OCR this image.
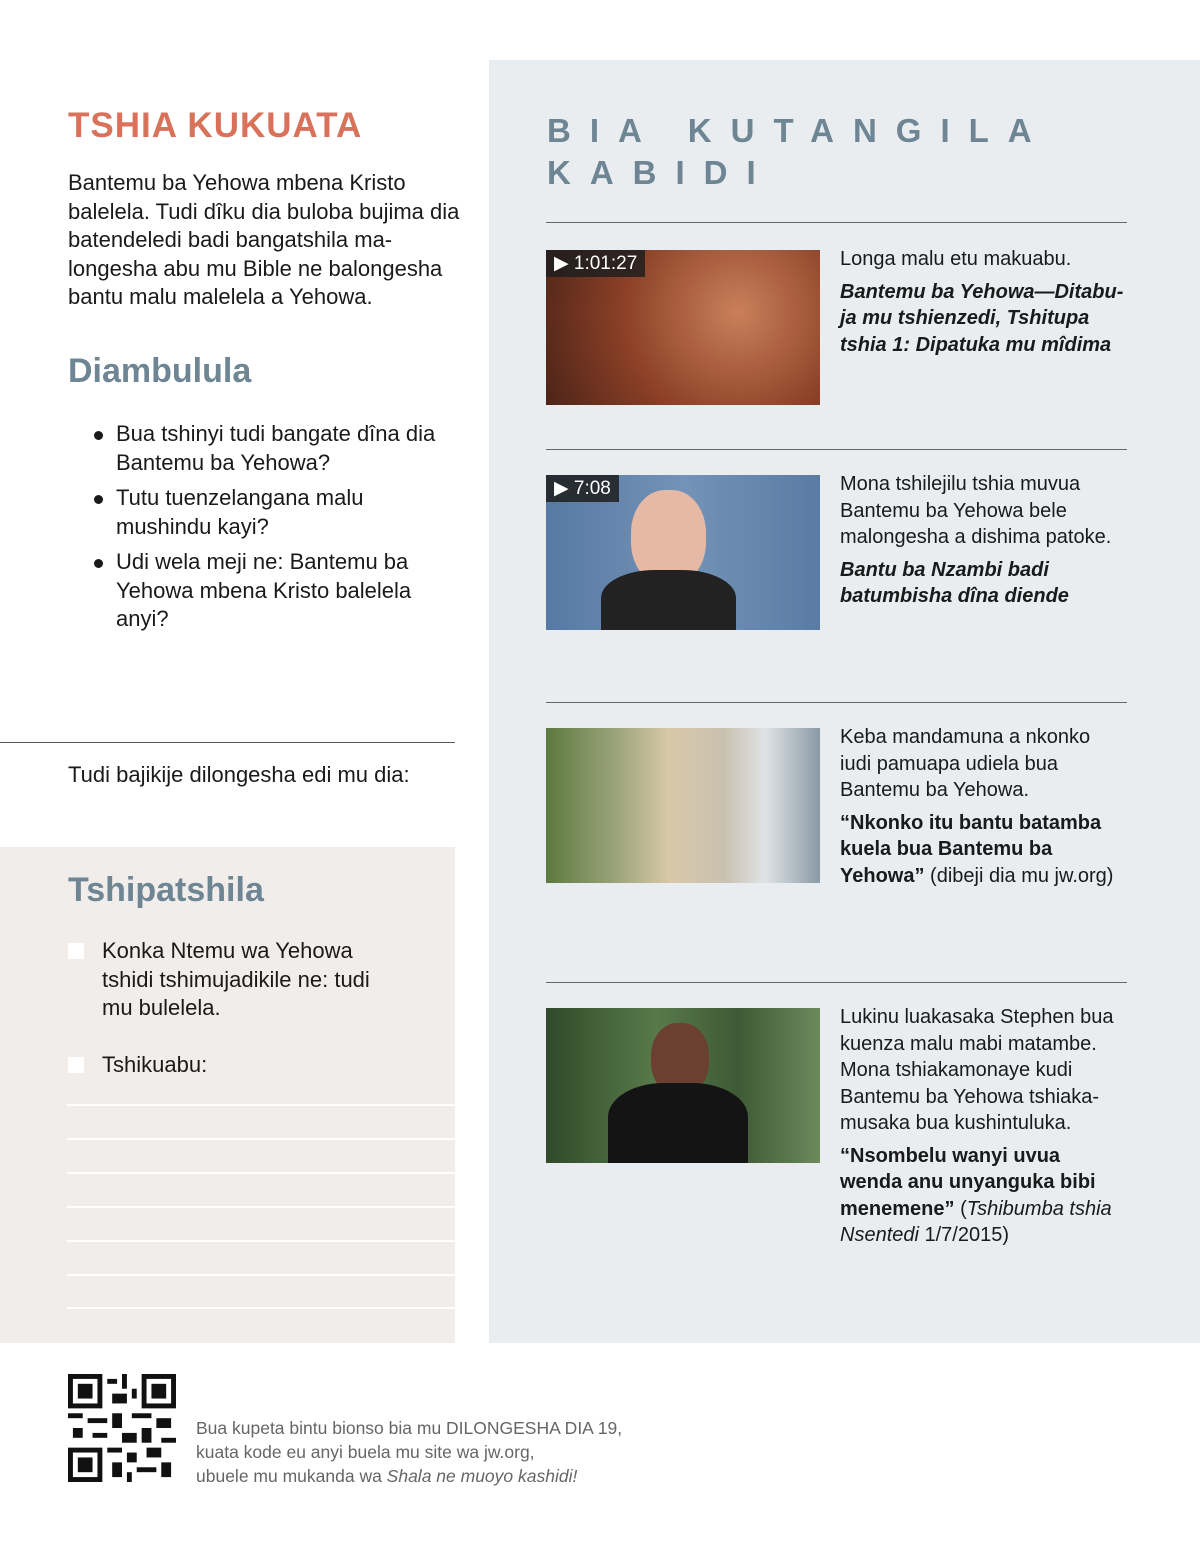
TSHIA KUKUATA

Bantemu ba Yehowa mbena Kristo balelela. Tudi dîku dia buloba bujima dia batendeledi badi bangatshila ma-longesha abu mu Bible ne balongesha bantu malu malelela a Yehowa.

Diambulula
Bua tshinyi tudi bangate dîna dia Bantemu ba Yehowa?
Tutu tuenzelangana malu mushindu kayi?
Udi wela meji ne: Bantemu ba Yehowa mbena Kristo balelela anyi?

Tudi bajikije dilongesha edi mu dia:

Tshipatshila

Konka Ntemu wa Yehowa tshidi tshimujadikile ne: tudi mu bulelela.

Tshikuabu:

BIA KUTANGILA KABIDI
▶ 1:01:27	Longa malu etu makuabu.

Bantemu ba Yehowa—Ditabu-ja mu tshienzedi, Tshitupa tshia 1: Dipatuka mu mîdima

▶ 7:08	Mona tshilejilu tshia muvua Bantemu ba Yehowa bele malongesha a dishima patoke.

Bantu ba Nzambi badi batumbisha dîna diende

Keba mandamuna a nkonko iudi pamuapa udiela bua Bantemu ba Yehowa.

“Nkonko itu bantu batamba kuela bua Bantemu ba Yehowa” (dibeji dia mu jw.org)

Lukinu luakasaka Stephen bua kuenza malu mabi matambe. Mona tshiakamonaye kudi Bantemu ba Yehowa tshiaka-musaka bua kushintuluka.

“Nsombelu wanyi uvua wenda anu unyanguka bibi menemene” (Tshibumba tshia Nsentedi 1/7/2015)

Bua kupeta bintu bionso bia mu DILONGESHA DIA 19,

kuata kode eu anyi buela mu site wa jw.org,

ubuele mu mukanda wa Shala ne muoyo kashidi!
